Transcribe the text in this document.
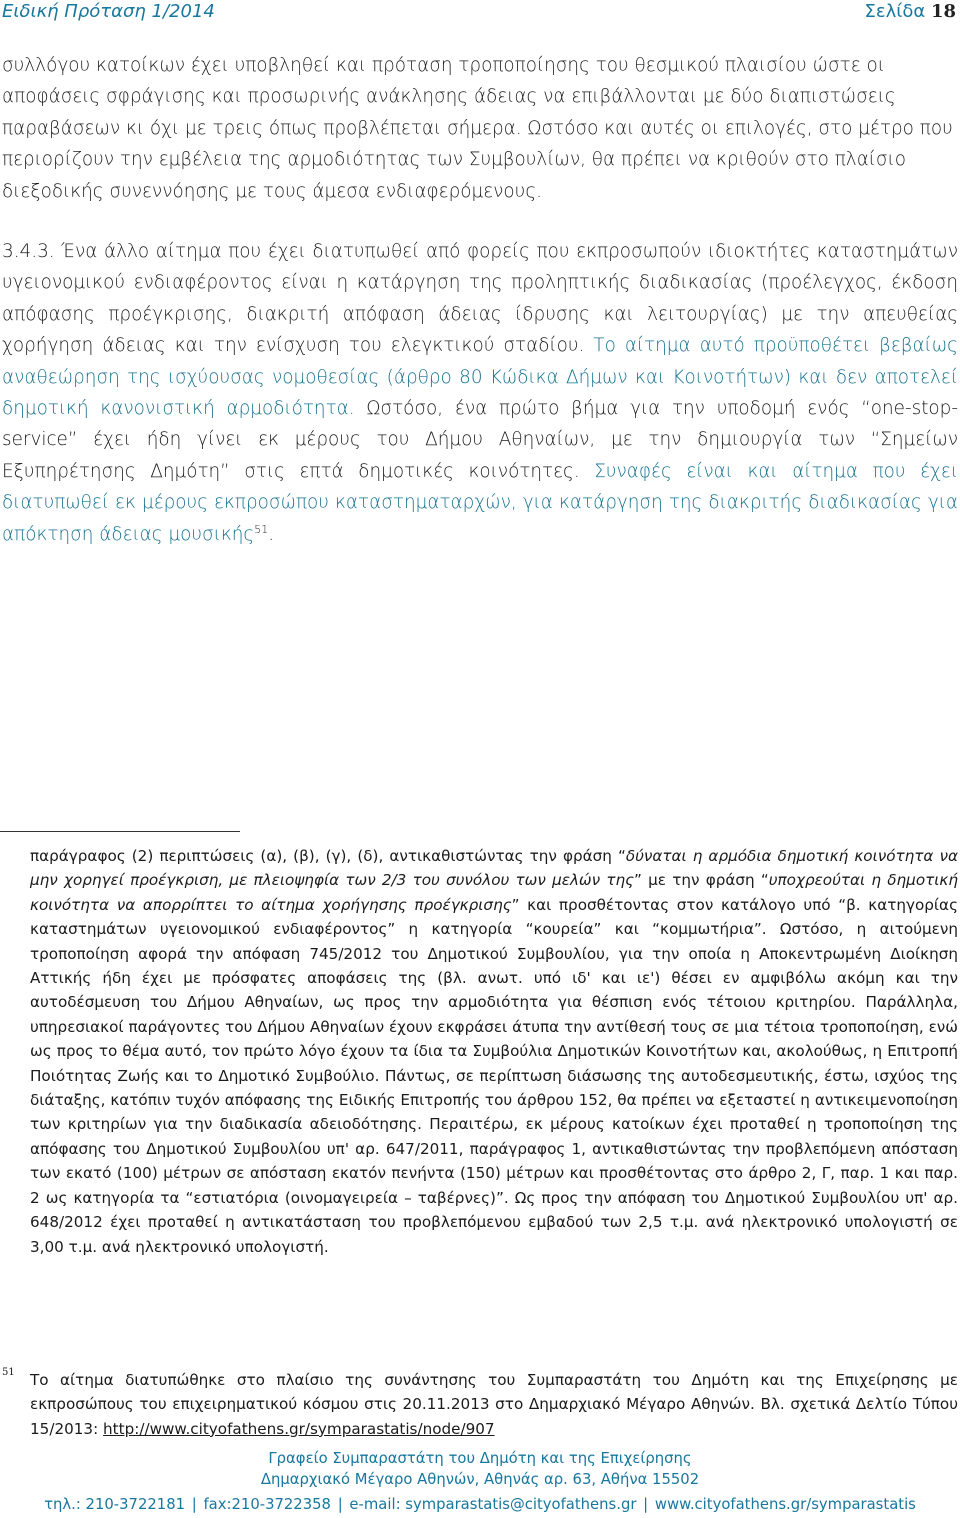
Ειδική Πρόταση 1/2014	Σελίδα 18
συλλόγου κατοίκων έχει υποβληθεί και πρόταση τροποποίησης του θεσμικού πλαισίου ώστε οι αποφάσεις σφράγισης και προσωρινής ανάκλησης άδειας να επιβάλλονται με δύο διαπιστώσεις παραβάσεων κι όχι με τρεις όπως προβλέπεται σήμερα. Ωστόσο και αυτές οι επιλογές, στο μέτρο που περιορίζουν την εμβέλεια της αρμοδιότητας των Συμβουλίων, θα πρέπει να κριθούν στο πλαίσιο διεξοδικής συνεννόησης με τους άμεσα ενδιαφερόμενους.
3.4.3. Ένα άλλο αίτημα που έχει διατυπωθεί από φορείς που εκπροσωπούν ιδιοκτήτες καταστημάτων υγειονομικού ενδιαφέροντος είναι η κατάργηση της προληπτικής διαδικασίας (προέλεγχος, έκδοση απόφασης προέγκρισης, διακριτή απόφαση άδειας ίδρυσης και λειτουργίας) με την απευθείας χορήγηση άδειας και την ενίσχυση του ελεγκτικού σταδίου. Το αίτημα αυτό προϋποθέτει βεβαίως αναθεώρηση της ισχύουσας νομοθεσίας (άρθρο 80 Κώδικα Δήμων και Κοινοτήτων) και δεν αποτελεί δημοτική κανονιστική αρμοδιότητα. Ωστόσο, ένα πρώτο βήμα για την υποδομή ενός “one-stop-service” έχει ήδη γίνει εκ μέρους του Δήμου Αθηναίων, με την δημιουργία των “Σημείων Εξυπηρέτησης Δημότη” στις επτά δημοτικές κοινότητες. Συναφές είναι και αίτημα που έχει διατυπωθεί εκ μέρους εκπροσώπου καταστηματαρχών, για κατάργηση της διακριτής διαδικασίας για απόκτηση άδειας μουσικής$^{51}$.
παράγραφος (2) περιπτώσεις (α), (β), (γ), (δ), αντικαθιστώντας την φράση “δύναται η αρμόδια δημοτική κοινότητα να μην χορηγεί προέγκριση, με πλειοψηφία των 2/3 του συνόλου των μελών της” με την φράση “υποχρεούται η δημοτική κοινότητα να απορρίπτει το αίτημα χορήγησης προέγκρισης” και προσθέτοντας στον κατάλογο υπό “β. κατηγορίας καταστημάτων υγειονομικού ενδιαφέροντος” η κατηγορία “κουρεία” και “κομμωτήρια”. Ωστόσο, η αιτούμενη τροποποίηση αφορά την απόφαση 745/2012 του Δημοτικού Συμβουλίου, για την οποία η Αποκεντρωμένη Διοίκηση Αττικής ήδη έχει με πρόσφατες αποφάσεις της (βλ. ανωτ. υπό ιδ' και ιε') θέσει εν αμφιβόλω ακόμη και την αυτοδέσμευση του Δήμου Αθηναίων, ως προς την αρμοδιότητα για θέσπιση ενός τέτοιου κριτηρίου. Παράλληλα, υπηρεσιακοί παράγοντες του Δήμου Αθηναίων έχουν εκφράσει άτυπα την αντίθεσή τους σε μια τέτοια τροποποίηση, ενώ ως προς το θέμα αυτό, τον πρώτο λόγο έχουν τα ίδια τα Συμβούλια Δημοτικών Κοινοτήτων και, ακολούθως, η Επιτροπή Ποιότητας Ζωής και το Δημοτικό Συμβούλιο. Πάντως, σε περίπτωση διάσωσης της αυτοδεσμευτικής, έστω, ισχύος της διάταξης, κατόπιν τυχόν απόφασης της Ειδικής Επιτροπής του άρθρου 152, θα πρέπει να εξεταστεί η αντικειμενοποίηση των κριτηρίων για την διαδικασία αδειοδότησης. Περαιτέρω, εκ μέρους κατοίκων έχει προταθεί η τροποποίηση της απόφασης του Δημοτικού Συμβουλίου υπ' αρ. 647/2011, παράγραφος 1, αντικαθιστώντας την προβλεπόμενη απόσταση των εκατό (100) μέτρων σε απόσταση εκατόν πενήντα (150) μέτρων και προσθέτοντας στο άρθρο 2, Γ, παρ. 1 και παρ. 2 ως κατηγορία τα “εστιατόρια (οινομαγειρεία – ταβέρνες)”. Ως προς την απόφαση του Δημοτικού Συμβουλίου υπ' αρ. 648/2012 έχει προταθεί η αντικατάσταση του προβλεπόμενου εμβαδού των 2,5 τ.μ. ανά ηλεκτρονικό υπολογιστή σε 3,00 τ.μ. ανά ηλεκτρονικό υπολογιστή.
51 Το αίτημα διατυπώθηκε στο πλαίσιο της συνάντησης του Συμπαραστάτη του Δημότη και της Επιχείρησης με εκπροσώπους του επιχειρηματικού κόσμου στις 20.11.2013 στο Δημαρχιακό Μέγαρο Αθηνών. Βλ. σχετικά Δελτίο Τύπου 15/2013: http://www.cityofathens.gr/symparastatis/node/907
Γραφείο Συμπαραστάτη του Δημότη και της Επιχείρησης
Δημαρχιακό Μέγαρο Αθηνών, Αθηνάς αρ. 63, Αθήνα 15502
τηλ.: 210-3722181 | fax:210-3722358 | e-mail: symparastatis@cityofathens.gr | www.cityofathens.gr/symparastatis
